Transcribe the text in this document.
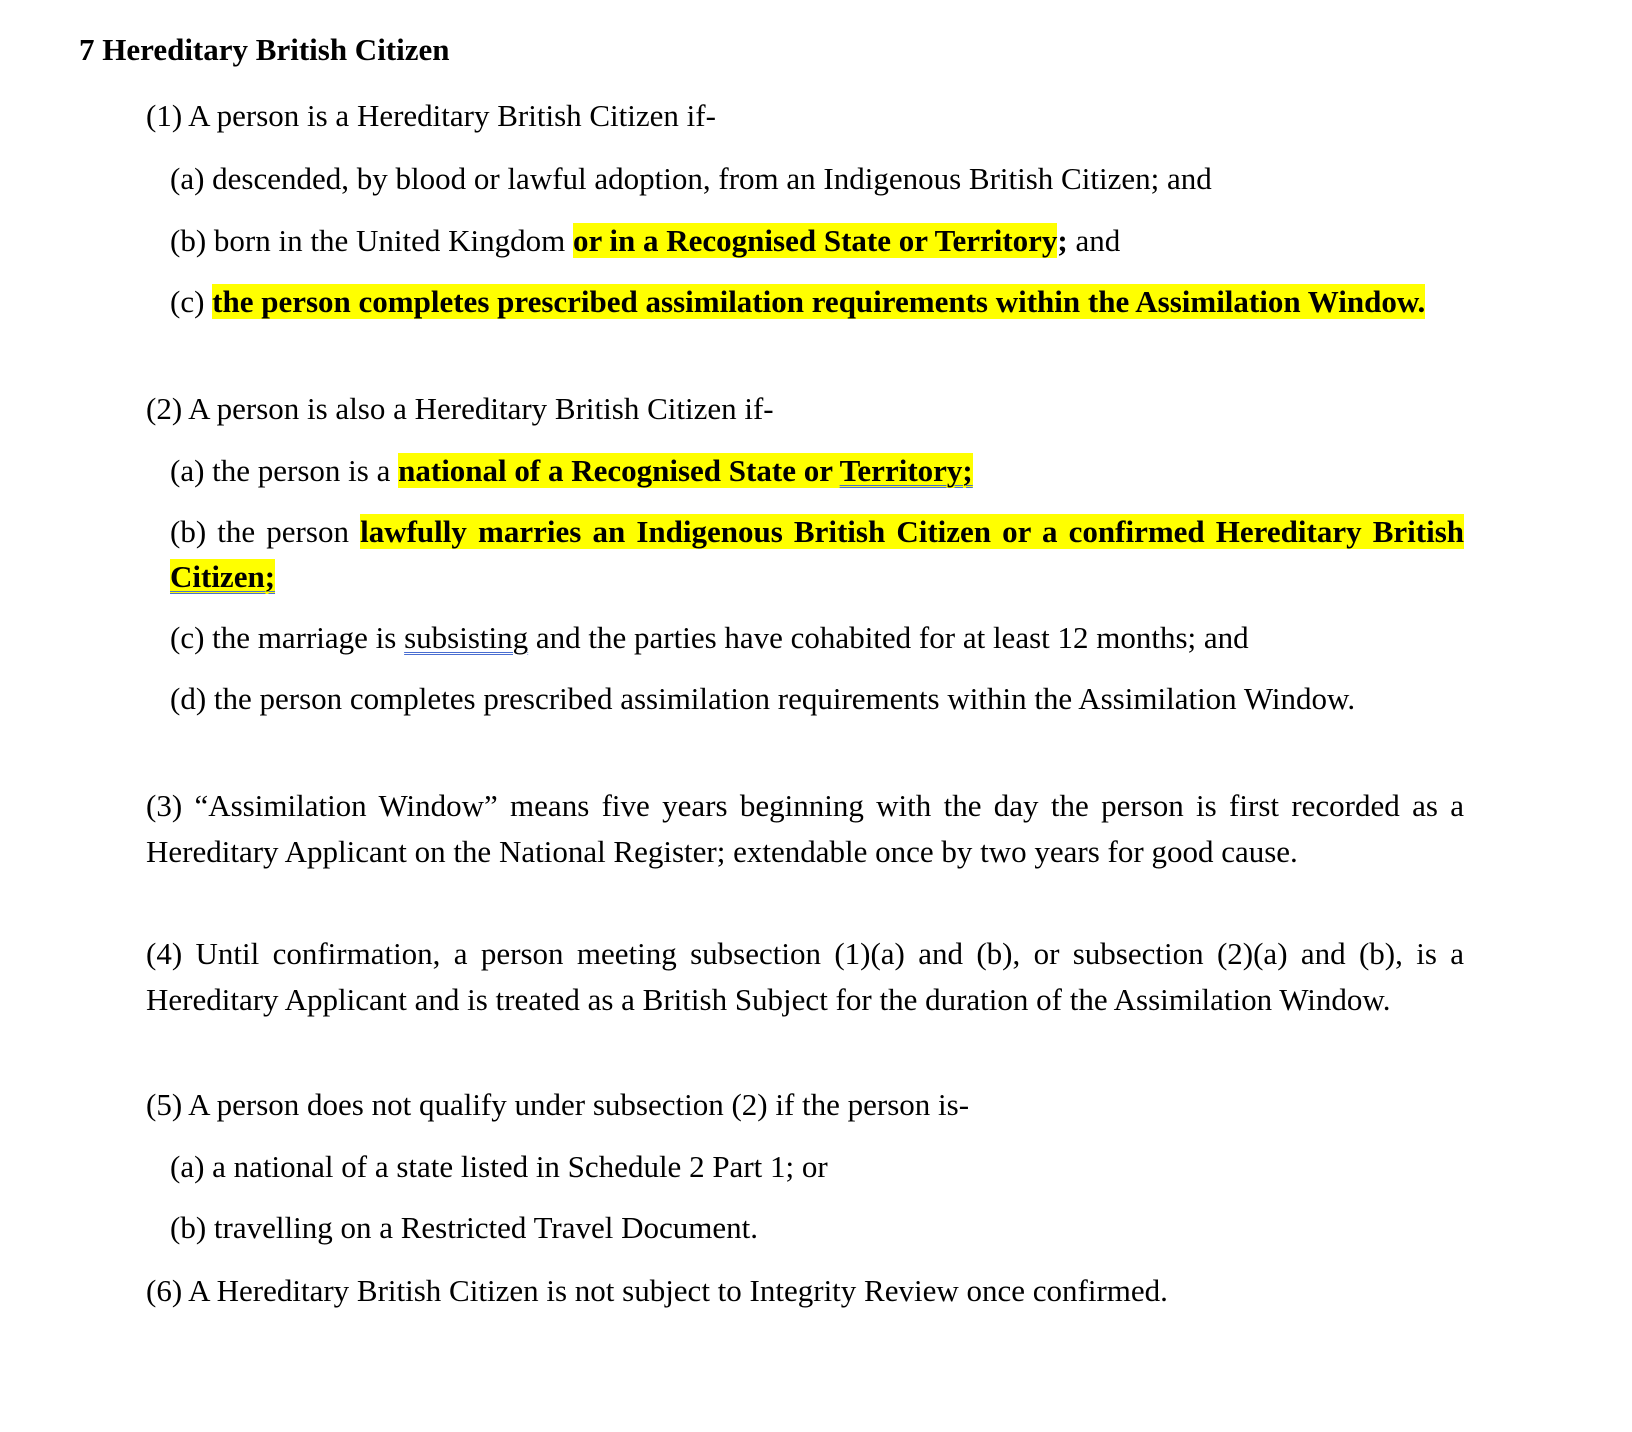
7 Hereditary British Citizen
(1) A person is a Hereditary British Citizen if-
(a) descended, by blood or lawful adoption, from an Indigenous British Citizen; and
(b) born in the United Kingdom or in a Recognised State or Territory; and
(c) the person completes prescribed assimilation requirements within the Assimilation Window.
(2) A person is also a Hereditary British Citizen if-
(a) the person is a national of a Recognised State or Territory;
(b) the person lawfully marries an Indigenous British Citizen or a confirmed Hereditary British Citizen;
(c) the marriage is subsisting and the parties have cohabited for at least 12 months; and
(d) the person completes prescribed assimilation requirements within the Assimilation Window.
(3) “Assimilation Window” means five years beginning with the day the person is first recorded as a Hereditary Applicant on the National Register; extendable once by two years for good cause.
(4) Until confirmation, a person meeting subsection (1)(a) and (b), or subsection (2)(a) and (b), is a Hereditary Applicant and is treated as a British Subject for the duration of the Assimilation Window.
(5) A person does not qualify under subsection (2) if the person is-
(a) a national of a state listed in Schedule 2 Part 1; or
(b) travelling on a Restricted Travel Document.
(6) A Hereditary British Citizen is not subject to Integrity Review once confirmed.
